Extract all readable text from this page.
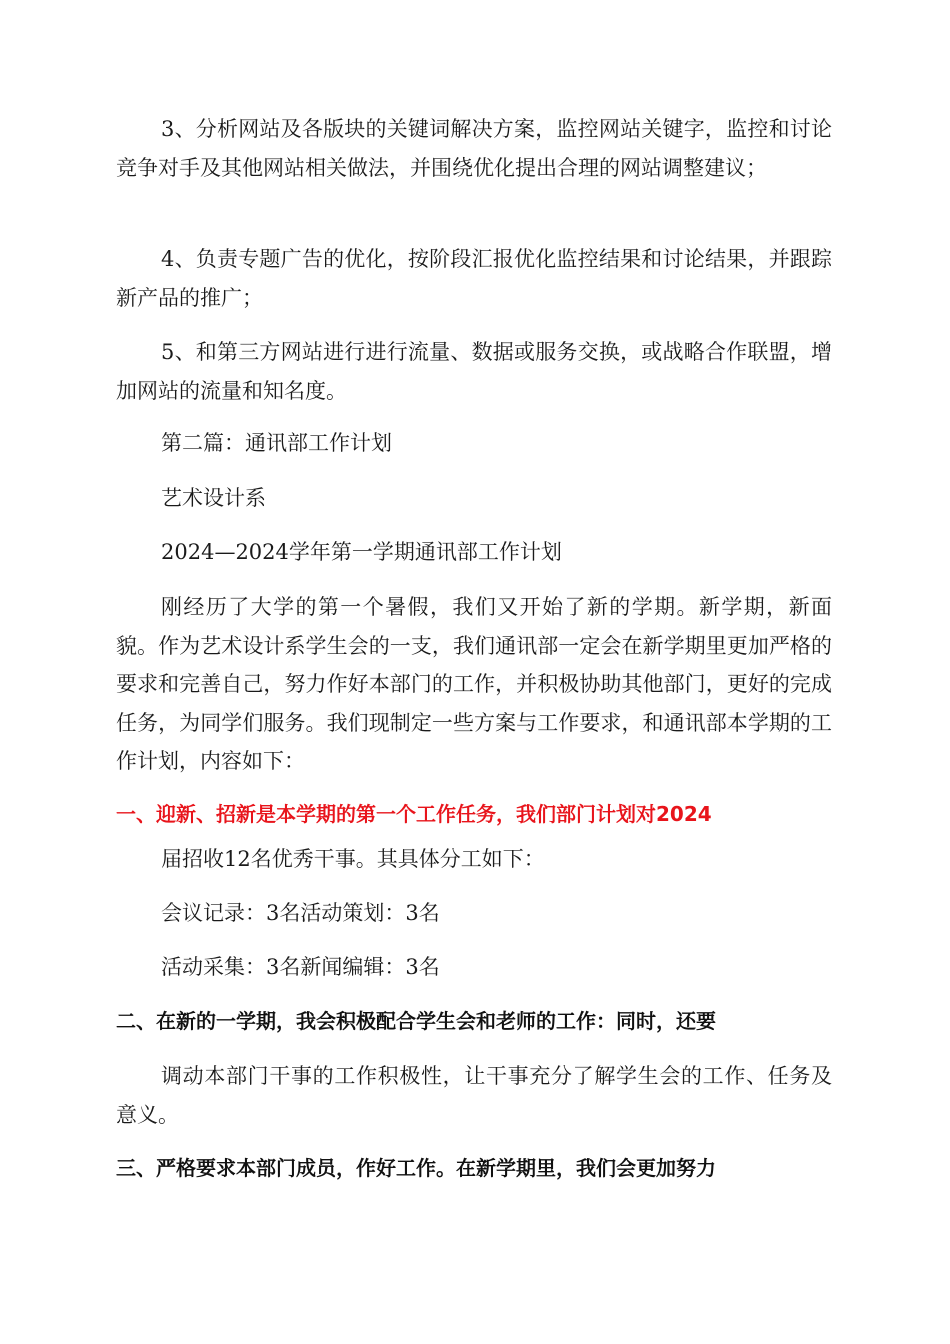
3、分析网站及各版块的关键词解决方案，监控网站关键字，监控和讨论竞争对手及其他网站相关做法，并围绕优化提出合理的网站调整建议；

4、负责专题广告的优化，按阶段汇报优化监控结果和讨论结果，并跟踪新产品的推广；

5、和第三方网站进行进行流量、数据或服务交换，或战略合作联盟，增加网站的流量和知名度。

第二篇：通讯部工作计划

艺术设计系

2024—2024学年第一学期通讯部工作计划

刚经历了大学的第一个暑假，我们又开始了新的学期。新学期，新面貌。作为艺术设计系学生会的一支，我们通讯部一定会在新学期里更加严格的要求和完善自己，努力作好本部门的工作，并积极协助其他部门，更好的完成任务，为同学们服务。我们现制定一些方案与工作要求，和通讯部本学期的工作计划，内容如下：

一、迎新、招新是本学期的第一个工作任务，我们部门计划对2024

届招收12名优秀干事。其具体分工如下：

会议记录：3名活动策划：3名

活动采集：3名新闻编辑：3名

二、在新的一学期，我会积极配合学生会和老师的工作：同时，还要

调动本部门干事的工作积极性，让干事充分了解学生会的工作、任务及意义。

三、严格要求本部门成员，作好工作。在新学期里，我们会更加努力
